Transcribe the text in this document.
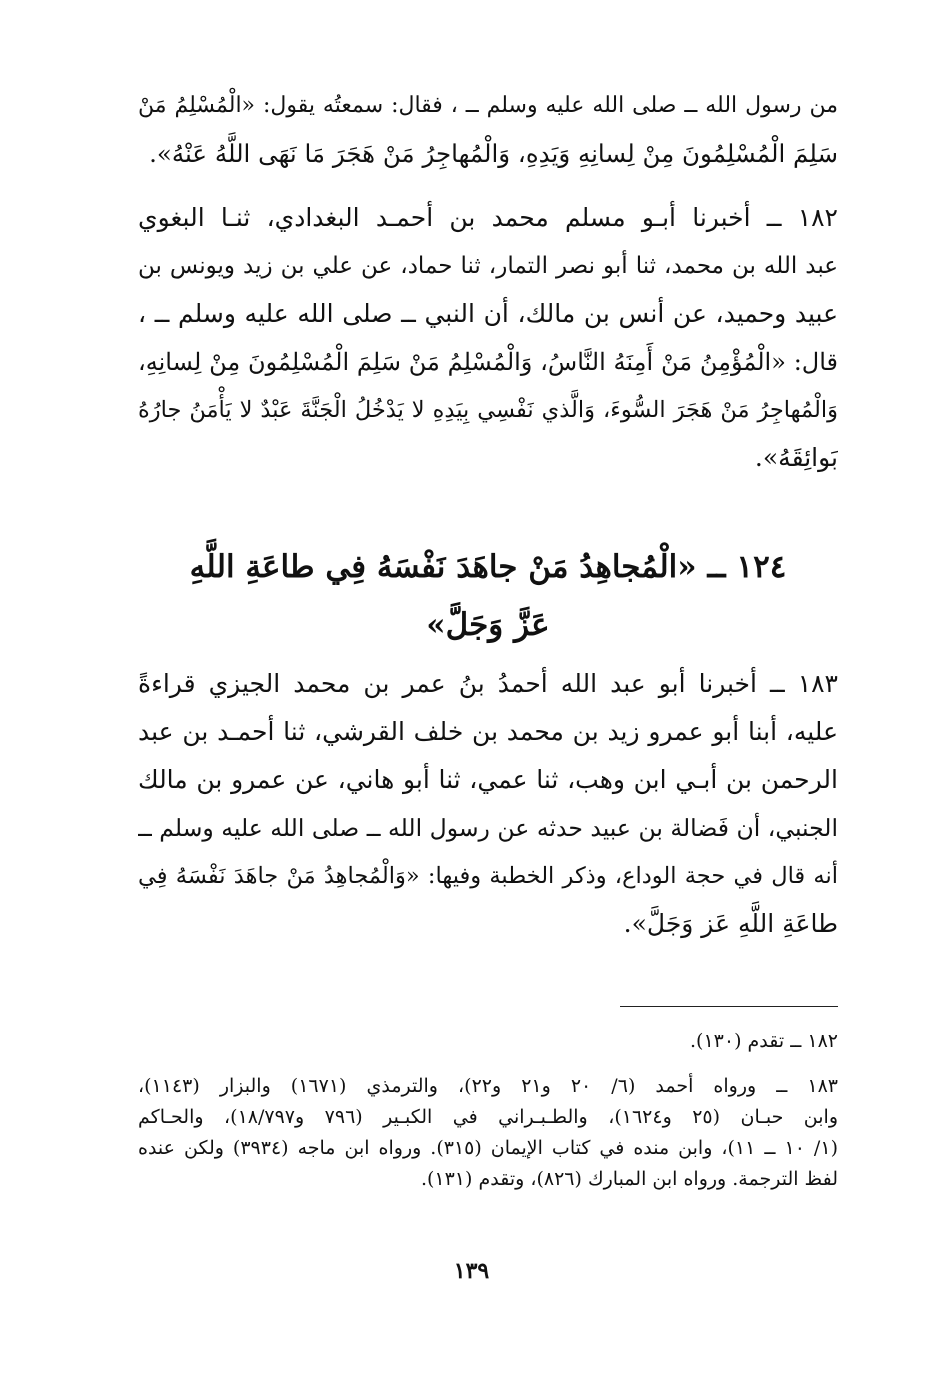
من رسول الله ــ صلى الله عليه وسلم ــ ، فقال: سمعتُه يقول: «الْمُسْلِمُ مَنْ
سَلِمَ الْمُسْلِمُونَ مِنْ لِسانِهِ وَيَدِهِ، وَالْمُهاجِرُ مَنْ هَجَرَ مَا نَهَى اللَّهُ عَنْهُ».
١٨٢ ــ أخبرنا أبـو مسلم محمد بن أحمـد البغدادي، ثنـا البغوي
عبد الله بن محمد، ثنا أبو نصر التمار، ثنا حماد، عن علي بن زيد ويونس بن
عبيد وحميد، عن أنس بن مالك، أن النبي ــ صلى الله عليه وسلم ــ ،
قال: «الْمُؤْمِنُ مَنْ أَمِنَهُ النَّاسُ، وَالْمُسْلِمُ مَنْ سَلِمَ الْمُسْلِمُونَ مِنْ لِسانِهِ،
وَالْمُهاجِرُ مَنْ هَجَرَ السُّوءَ، وَالَّذي نَفْسِي بِيَدِهِ لا يَدْخُلُ الْجَنَّةَ عَبْدٌ لا يَأْمَنُ جارُهُ
بَوائِقَهُ».
١٢٤ ــ «الْمُجاهِدُ مَنْ جاهَدَ نَفْسَهُ فِي طاعَةِ اللَّهِ
عَزَّ وَجَلَّ»
١٨٣ ــ أخبرنا أبو عبد الله أحمدُ بنُ عمر بن محمد الجيزي قراءةً
عليه، أبنا أبو عمرو زيد بن محمد بن خلف القرشي، ثنا أحمـد بن عبد
الرحمن بن أبـي ابن وهب، ثنا عمي، ثنا أبو هاني، عن عمرو بن مالك
الجنبي، أن فَضالة بن عبيد حدثه عن رسول الله ــ صلى الله عليه وسلم ــ
أنه قال في حجة الوداع، وذكر الخطبة وفيها: «وَالْمُجاهِدُ مَنْ جاهَدَ نَفْسَهُ فِي
طاعَةِ اللَّهِ عَز وَجَلَّ».
١٨٢ ــ تقدم (١٣٠).
١٨٣ ــ ورواه أحمد (٦/ ٢٠ و٢١ و٢٢)، والترمذي (١٦٧١) والبزار (١١٤٣)،
وابن حبـان (٢٥ و١٦٢٤)، والطـبـراني في الكبـير (٧٩٦ و١٨/٧٩٧)، والحـاكم
(١/ ١٠ ــ ١١)، وابن منده في كتاب الإيمان (٣١٥). ورواه ابن ماجه (٣٩٣٤) ولكن عنده
لفظ الترجمة. ورواه ابن المبارك (٨٢٦)، وتقدم (١٣١).
١٣٩
